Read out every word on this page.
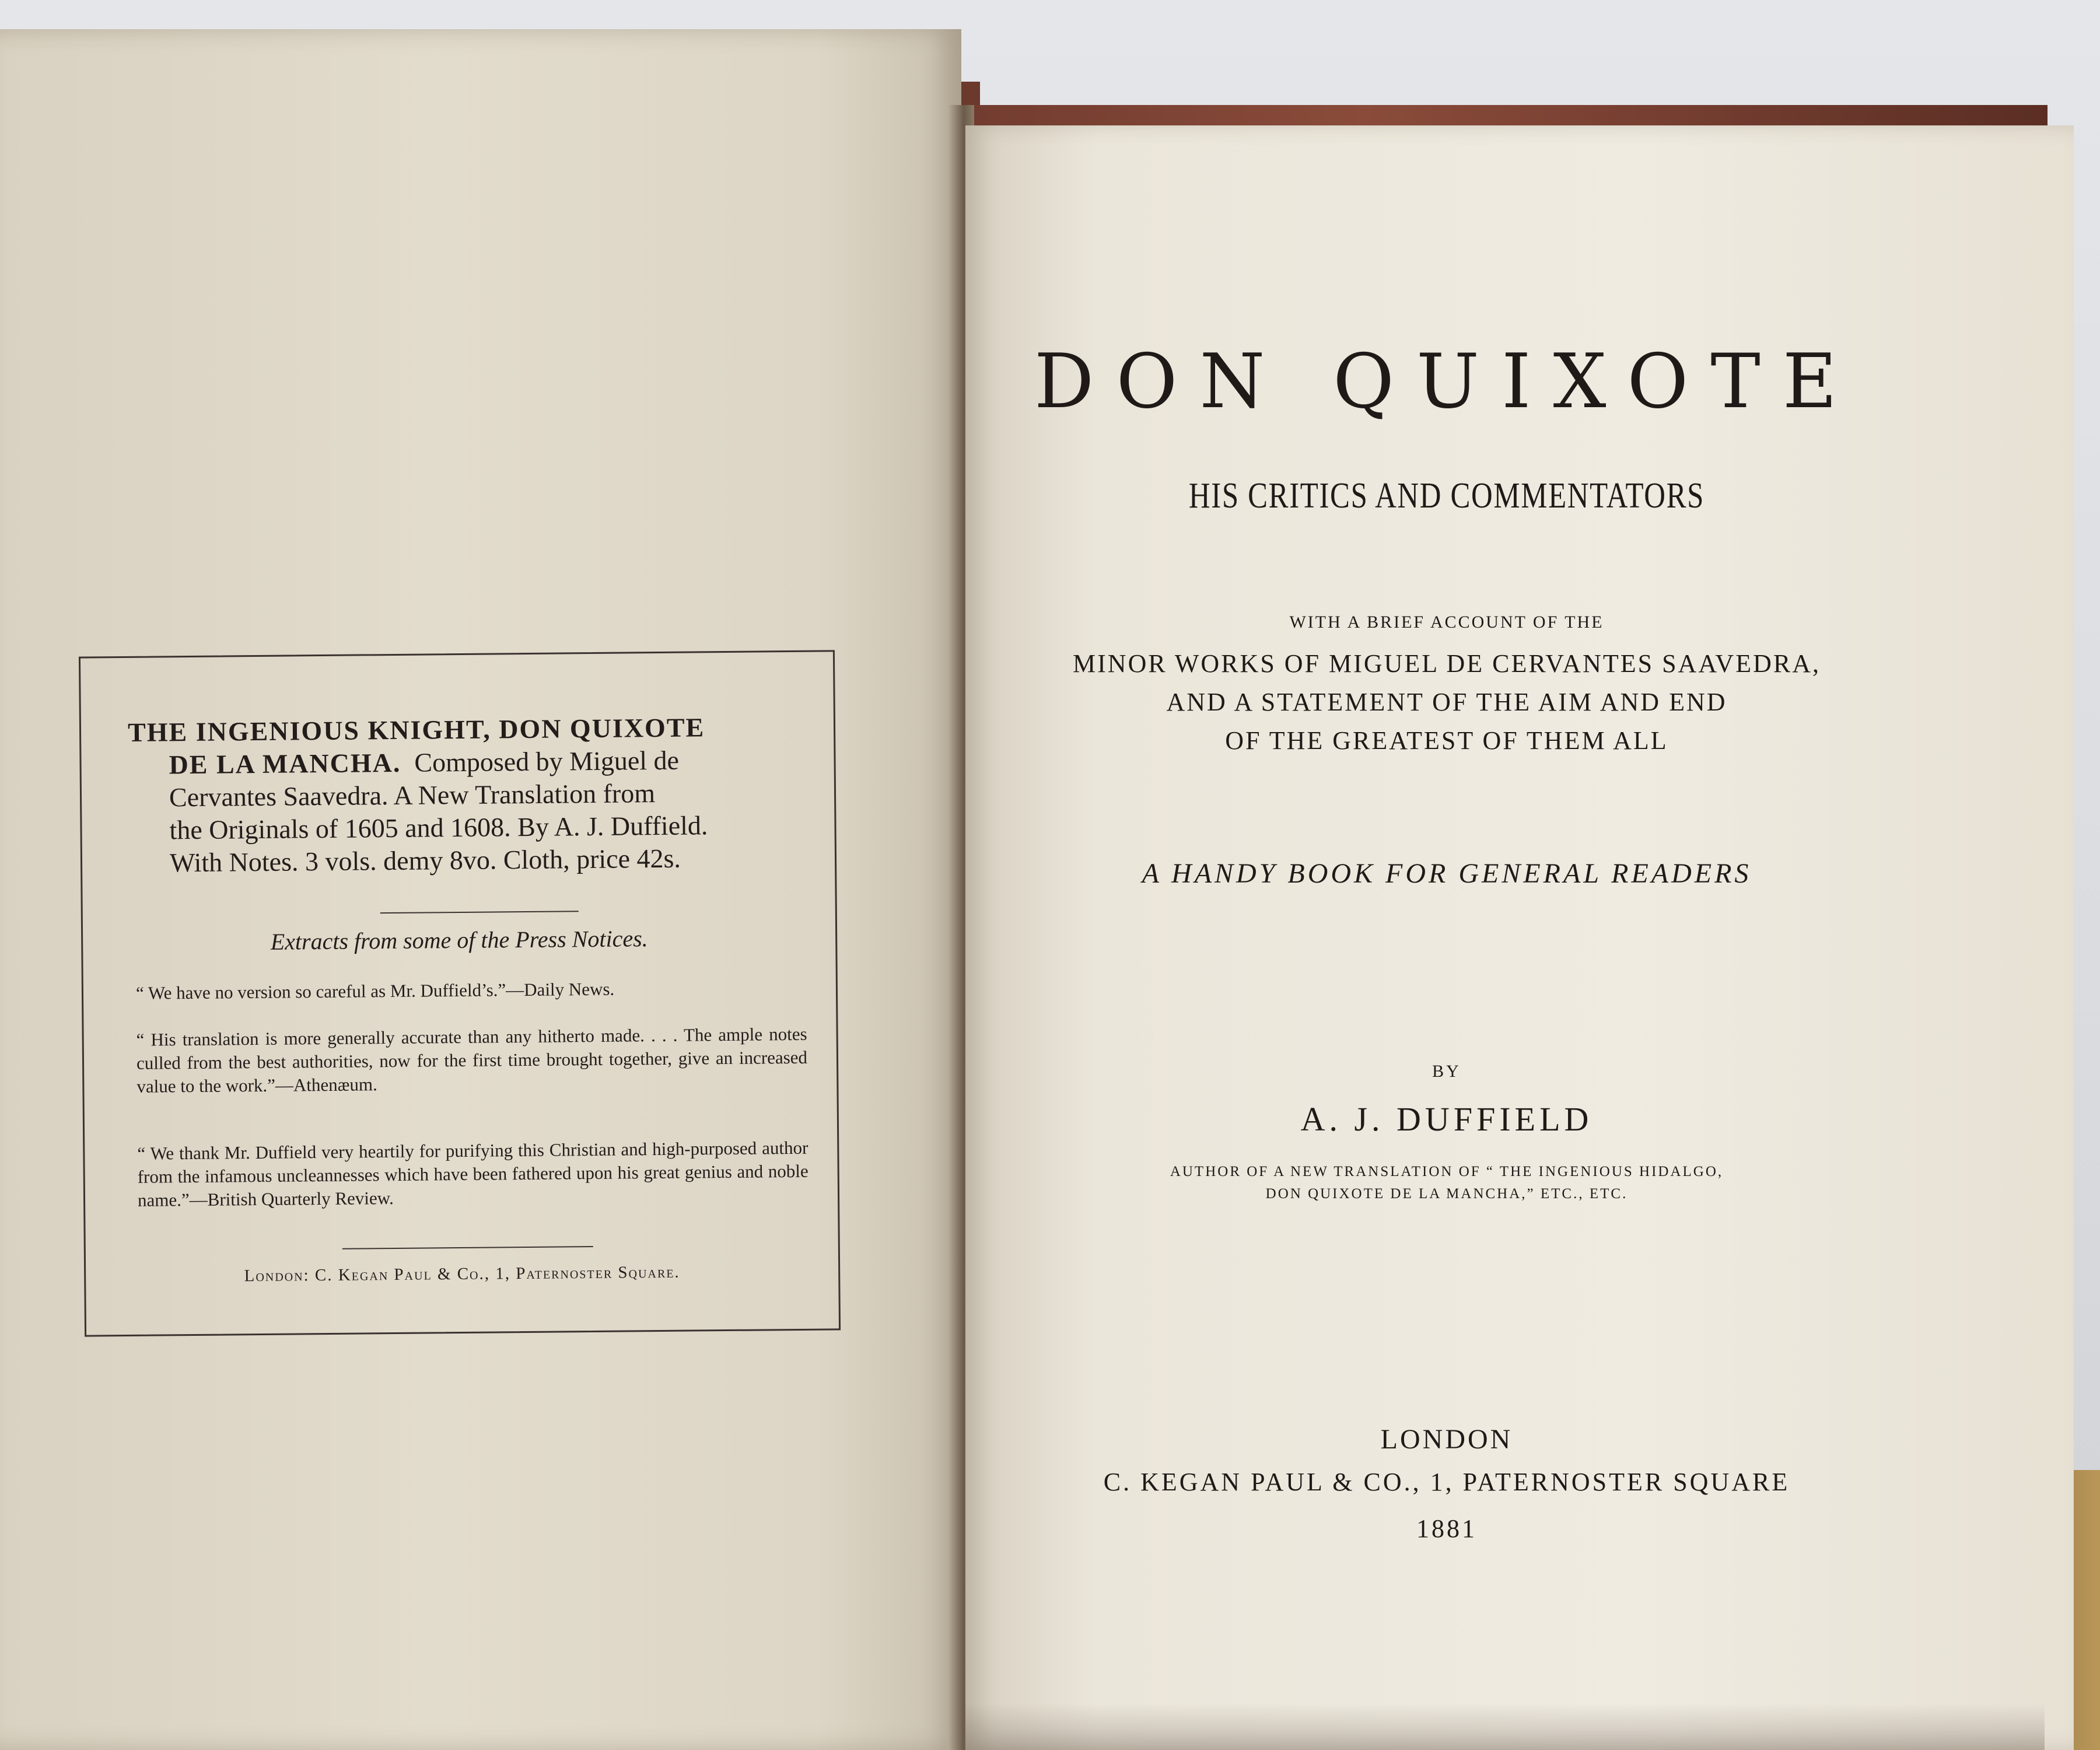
THE INGENIOUS KNIGHT, DON QUIXOTE
DE LA MANCHA. Composed by Miguel de
Cervantes Saavedra. A New Translation from
the Originals of 1605 and 1608. By A. J. Duffield.
With Notes. 3 vols. demy 8vo. Cloth, price 42s.
Extracts from some of the Press Notices.
“ We have no version so careful as Mr. Duffield’s.”—Daily News.
“ His translation is more generally accurate than any hitherto made. . . . The ample notes culled from the best authorities, now for the first time brought together, give an increased value to the work.”—Athenæum.
“ We thank Mr. Duffield very heartily for purifying this Christian and high-purposed author from the infamous uncleannesses which have been fathered upon his great genius and noble name.”—British Quarterly Review.
London: C. Kegan Paul & Co., 1, Paternoster Square.
DON QUIXOTE
HIS CRITICS AND COMMENTATORS
WITH A BRIEF ACCOUNT OF THE
MINOR WORKS OF MIGUEL DE CERVANTES SAAVEDRA,
AND A STATEMENT OF THE AIM AND END
OF THE GREATEST OF THEM ALL
A HANDY BOOK FOR GENERAL READERS
BY
A. J. DUFFIELD
AUTHOR OF A NEW TRANSLATION OF “ THE INGENIOUS HIDALGO,
DON QUIXOTE DE LA MANCHA,” ETC., ETC.
LONDON
C. KEGAN PAUL & CO., 1, PATERNOSTER SQUARE
1881
